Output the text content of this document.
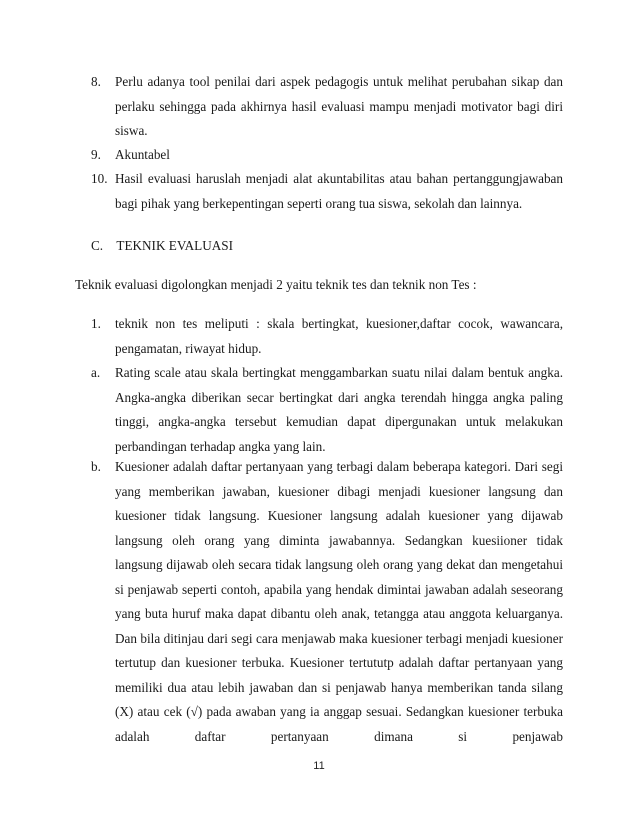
8. Perlu adanya tool penilai dari aspek pedagogis untuk melihat perubahan sikap dan perlaku sehingga pada akhirnya hasil evaluasi mampu menjadi motivator bagi diri siswa.
9. Akuntabel
10. Hasil evaluasi haruslah menjadi alat akuntabilitas atau bahan pertanggungjawaban bagi pihak yang berkepentingan seperti orang tua siswa, sekolah dan lainnya.
C. TEKNIK EVALUASI
Teknik evaluasi digolongkan menjadi 2 yaitu teknik tes dan teknik non Tes :
1. teknik non tes meliputi : skala bertingkat, kuesioner,daftar cocok, wawancara, pengamatan, riwayat hidup.
a. Rating scale atau skala bertingkat menggambarkan suatu nilai dalam bentuk angka. Angka-angka diberikan secar bertingkat dari angka terendah hingga angka paling tinggi, angka-angka tersebut kemudian dapat dipergunakan untuk melakukan perbandingan terhadap angka yang lain.
b. Kuesioner adalah daftar pertanyaan yang terbagi dalam beberapa kategori. Dari segi yang memberikan jawaban, kuesioner dibagi menjadi kuesioner langsung dan kuesioner tidak langsung. Kuesioner langsung adalah kuesioner yang dijawab langsung oleh orang yang diminta jawabannya. Sedangkan kuesiioner tidak langsung dijawab oleh secara tidak langsung oleh orang yang dekat dan mengetahui si penjawab seperti contoh, apabila yang hendak dimintai jawaban adalah seseorang yang buta huruf maka dapat dibantu oleh anak, tetangga atau anggota keluarganya. Dan bila ditinjau dari segi cara menjawab maka kuesioner terbagi menjadi kuesioner tertutup dan kuesioner terbuka. Kuesioner tertututp adalah daftar pertanyaan yang memiliki dua atau lebih jawaban dan si penjawab hanya memberikan tanda silang (X) atau cek (√) pada awaban yang ia anggap sesuai. Sedangkan kuesioner terbuka adalah daftar pertanyaan dimana si penjawab
11
